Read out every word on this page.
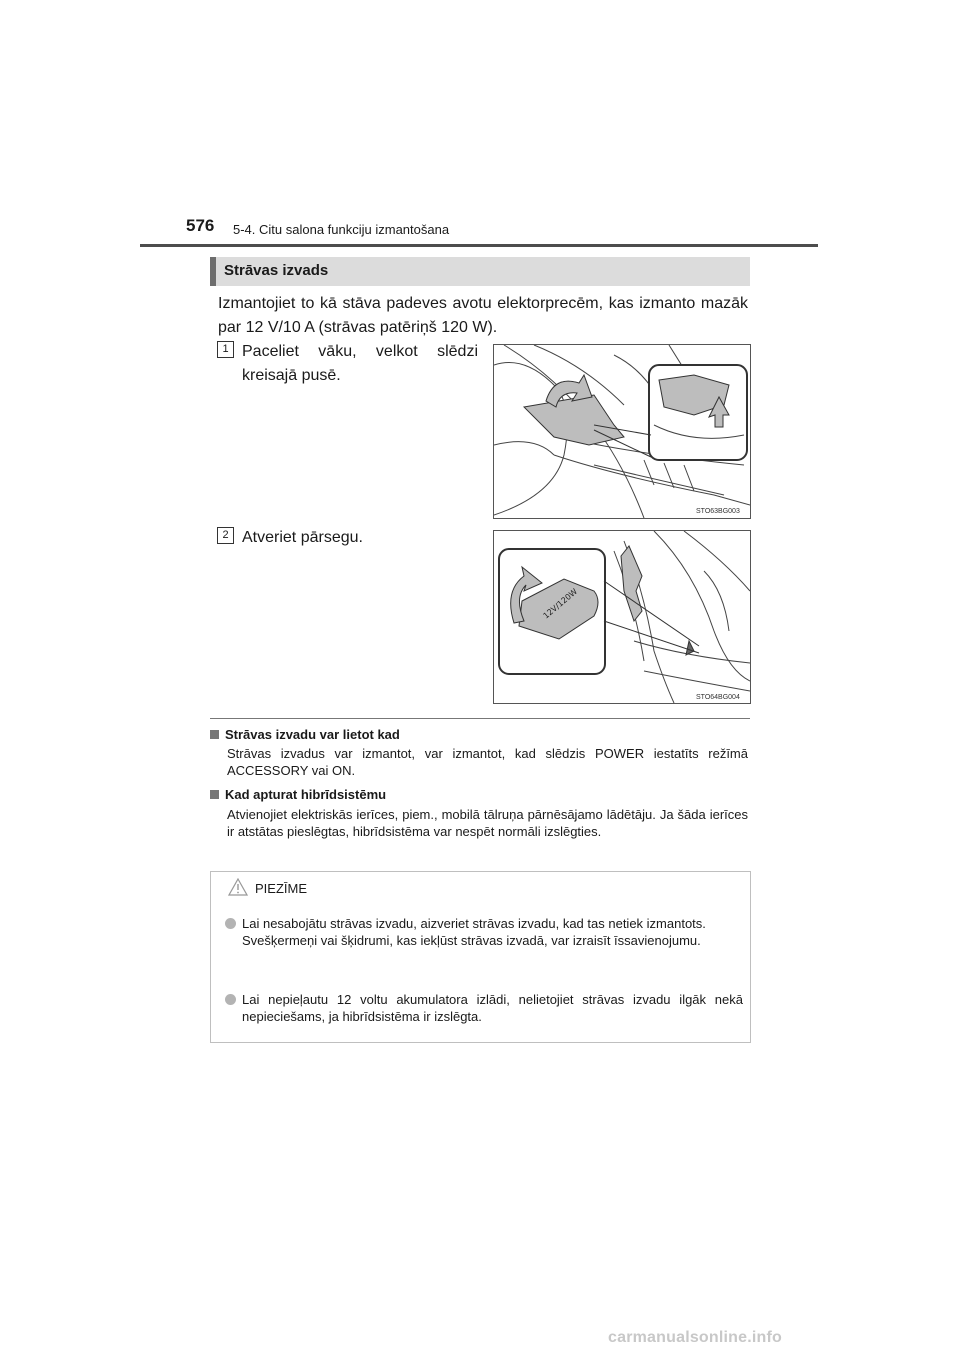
576 5-4. Citu salona funkciju izmantošana
Strāvas izvads
Izmantojiet to kā stāva padeves avotu elektorprecēm, kas izmanto mazāk par 12 V/10 A (strāvas patēriņš 120 W).
1 Paceliet vāku, velkot slēdzi kreisajā pusē.
STO63BG003
2 Atveriet pārsegu.
12V/120W
STO64BG004
Strāvas izvadu var lietot kad
Strāvas izvadus var izmantot, var izmantot, kad slēdzis POWER iestatīts režīmā ACCESSORY vai ON.
Kad apturat hibrīdsistēmu
Atvienojiet elektriskās ierīces, piem., mobilā tālruņa pārnēsājamo lādētāju. Ja šāda ierīces ir atstātas pieslēgtas, hibrīdsistēma var nespēt normāli izslēgties.
PIEZĪME
Lai nesabojātu strāvas izvadu, aizveriet strāvas izvadu, kad tas netiek izmantots.
Svešķermeņi vai šķidrumi, kas iekļūst strāvas izvadā, var izraisīt īssavienojumu.
Lai nepieļautu 12 voltu akumulatora izlādi, nelietojiet strāvas izvadu ilgāk nekā nepieciešams, ja hibrīdsistēma ir izslēgta.
carmanualsonline.info
